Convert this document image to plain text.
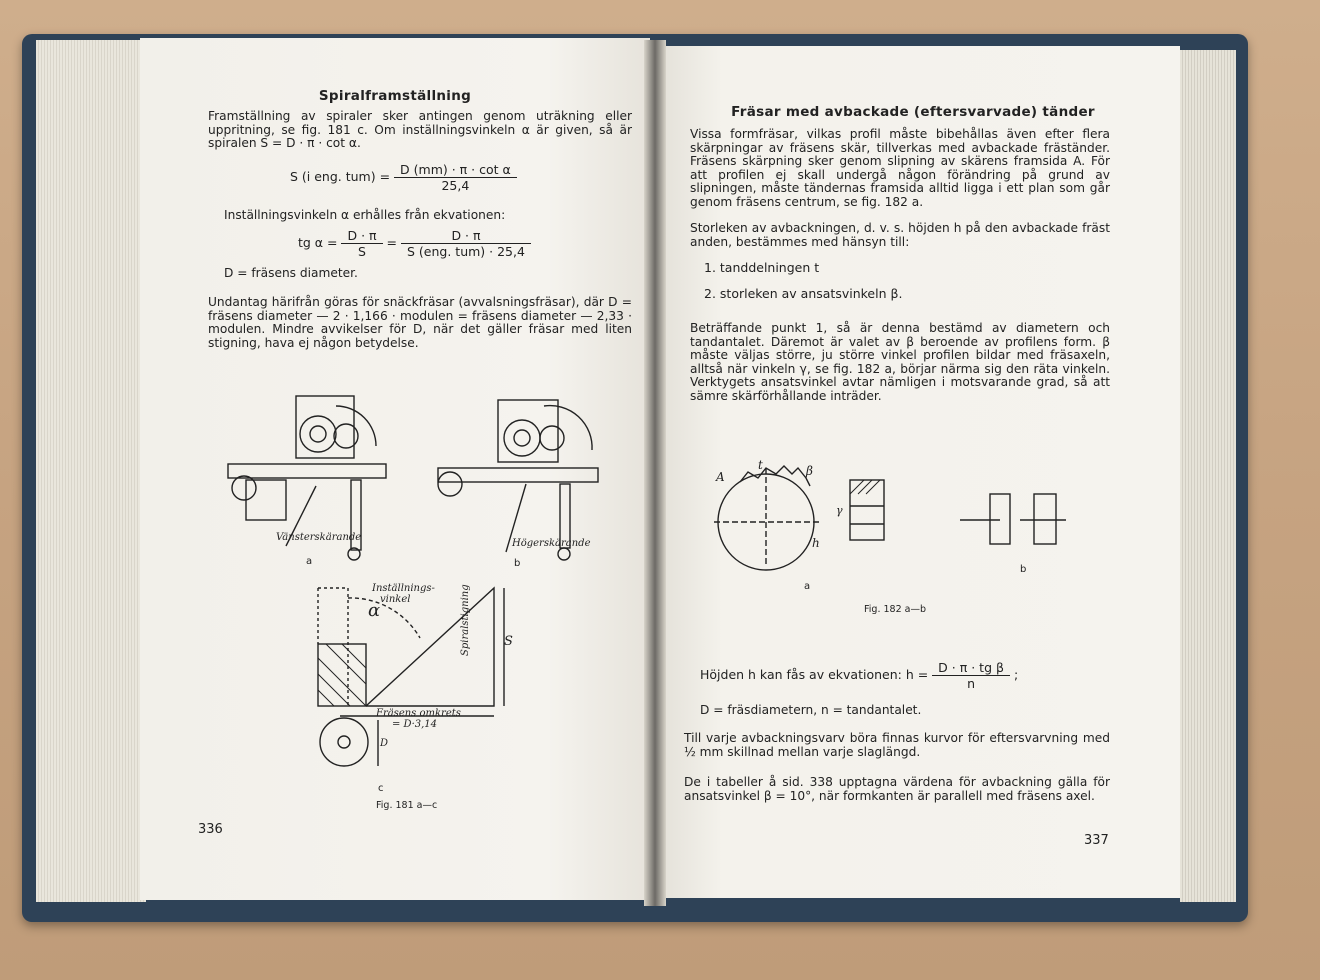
Spiralframställning
Framställning av spiraler sker antingen genom uträkning eller uppritning, se fig. 181 c. Om inställningsvinkeln α är given, så är spiralen S = D · π · cot α.
S (i eng. $tum) = \frac{\text{D (mm) · π · cot α}}{25,4}$
Inställningsvinkeln α erhålles från ekvationen:
tg $\alpha = \frac{D \cdot \pi}{S} = \frac{D \cdot \pi}{\text{S (eng. tum) · 25,4}}$
D = fräsens diameter.
Undantag härifrån göras för snäckfräsar (avvalsningsfräsar), där D = fräsens diameter — 2 · 1,166 · modulen = fräsens diameter — 2,33 · modulen. Mindre avvikelser för D, när det gäller fräsar med liten stigning, hava ej någon betydelse.
Vänsterskärande
Högerskärande
a	b
Inställnings-
vinkel
α	Spiralstigning	S
Fräsens omkrets
= D·3,14
D
c
Fig. 181 a—c
336
Fräsar med avbackade (eftersvarvade) tänder
Vissa formfräsar, vilkas profil måste bibehållas även efter flera skärpningar av fräsens skär, tillverkas med avbackade fräständer. Fräsens skärpning sker genom slipning av skärens framsida A. För att profilen ej skall undergå någon förändring på grund av slipningen, måste tändernas framsida alltid ligga i ett plan som går genom fräsens centrum, se fig. 182 a.
Storleken av avbackningen, d. v. s. höjden h på den avbackade fräst anden, bestämmes med hänsyn till:
1. tanddelningen t
2. storleken av ansatsvinkeln β.
Beträffande punkt 1, så är denna bestämd av diametern och tandantalet. Däremot är valet av β beroende av profilens form. β måste väljas större, ju större vinkel profilen bildar med fräsaxeln, alltså när vinkeln γ, se fig. 182 a, börjar närma sig den räta vinkeln. Verktygets ansatsvinkel avtar nämligen i motsvarande grad, så att sämre skärförhållande inträder.
A
t	β
γ
h
a
b
Fig. 182 a—b
Höjden h kan fås av ekvationen: $h = \frac{\text{D · π · tg β}}{n}$ ;
D = fräsdiametern, n = tandantalet.
Till varje avbackningsvarv böra finnas kurvor för eftersvarvning med ½ mm skillnad mellan varje slaglängd.
De i tabeller å sid. 338 upptagna värdena för avbackning gälla för ansatsvinkel β = 10°, när formkanten är parallell med fräsens axel.
337
